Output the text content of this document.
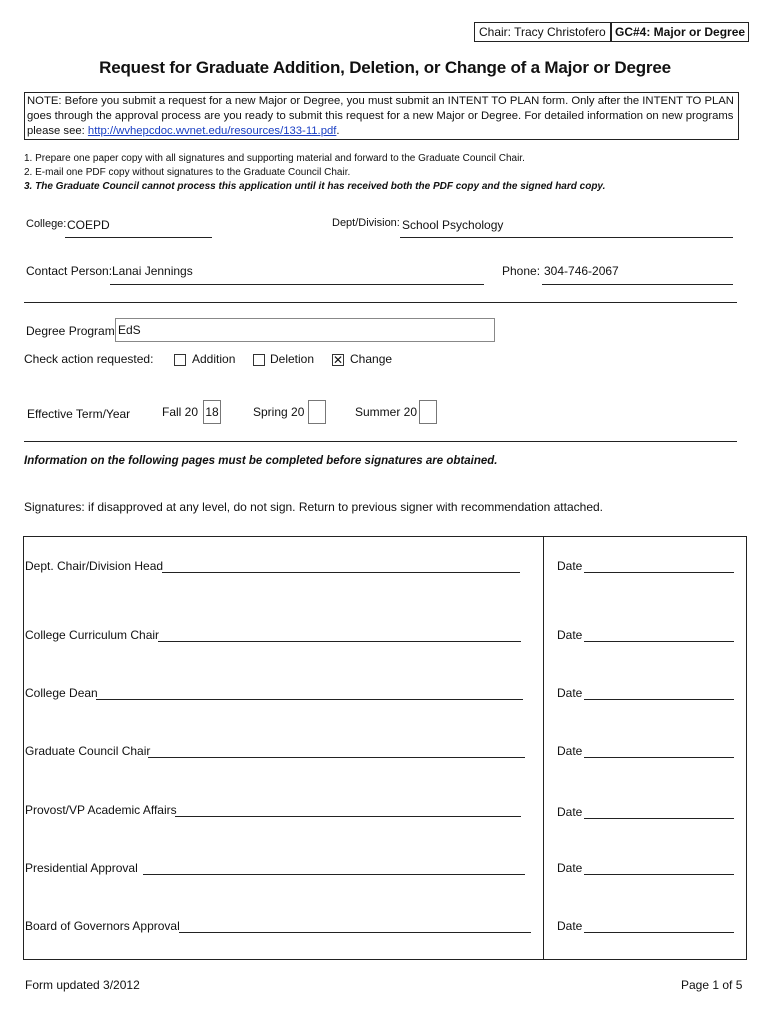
Chair: Tracy Christofero GC#4: Major or Degree
Request for Graduate Addition, Deletion, or Change of a Major or Degree
NOTE: Before you submit a request for a new Major or Degree, you must submit an INTENT TO PLAN form. Only after the INTENT TO PLAN goes through the approval process are you ready to submit this request for a new Major or Degree. For detailed information on new programs please see: http://wvhepcdoc.wvnet.edu/resources/133-11.pdf.
1. Prepare one paper copy with all signatures and supporting material and forward to the Graduate Council Chair.
2. E-mail one PDF copy without signatures to the Graduate Council Chair.
3. The Graduate Council cannot process this application until it has received both the PDF copy and the signed hard copy.
College: COEPD	Dept/Division: School Psychology
Contact Person: Lanai Jennings	Phone: 304-746-2067
Degree Program EdS
Check action requested:	Addition	Deletion ✕ Change
Effective Term/Year	Fall 20 18	Spring 20	Summer 20
Information on the following pages must be completed before signatures are obtained.
Signatures: if disapproved at any level, do not sign. Return to previous signer with recommendation attached.
Dept. Chair/Division Head	Date
College Curriculum Chair	Date
College Dean	Date
Graduate Council Chair	Date
Provost/VP Academic Affairs	Date
Presidential Approval	Date
Board of Governors Approval	Date
Form updated 3/2012	Page 1 of 5
